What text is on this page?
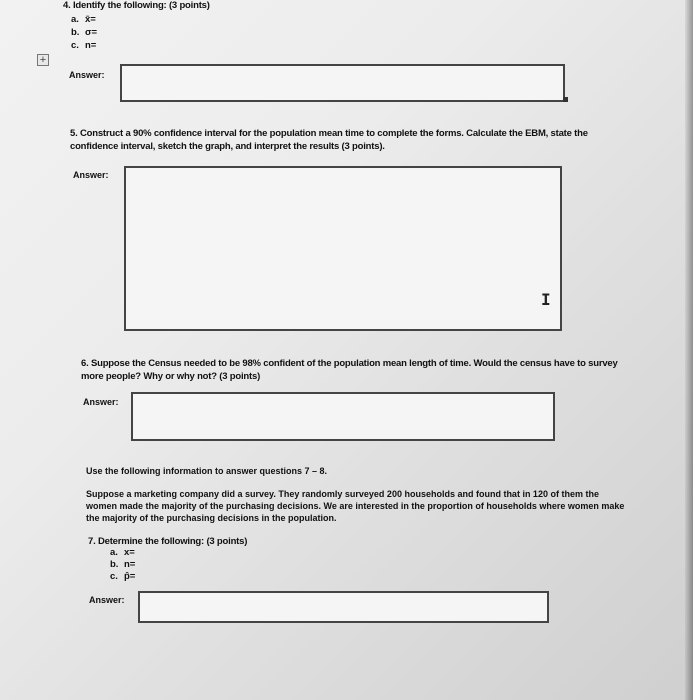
4. Identify the following: (3 points)
a. x̄=
b. σ=
c. n=
+
Answer:
5. Construct a 90% confidence interval for the population mean time to complete the forms. Calculate the EBM, state the
confidence interval, sketch the graph, and interpret the results (3 points).
Answer:
I
6. Suppose the Census needed to be 98% confident of the population mean length of time. Would the census have to survey
more people? Why or why not? (3 points)
Answer:
Use the following information to answer questions 7 – 8.
Suppose a marketing company did a survey. They randomly surveyed 200 households and found that in 120 of them the
women made the majority of the purchasing decisions. We are interested in the proportion of households where women make
the majority of the purchasing decisions in the population.
7. Determine the following: (3 points)
a. x=
b. n=
c. p̂=
Answer:
